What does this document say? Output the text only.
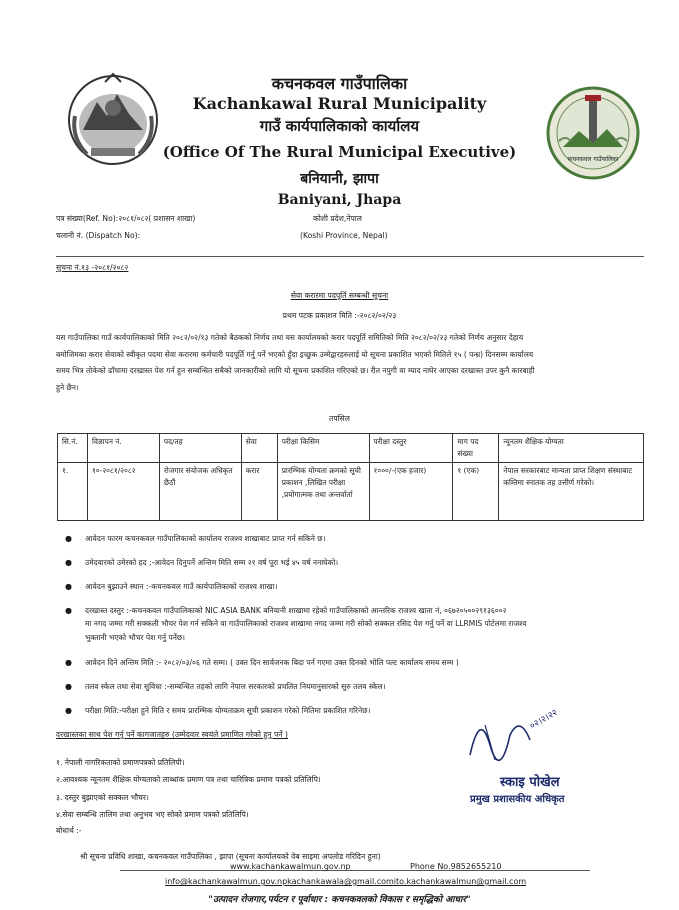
कचनकवल गाउँपालिका
कचनकवल गाउँपालिका
Kachankawal Rural Municipality
गाउँ कार्यपालिकाको कार्यालय
(Office Of The Rural Municipal Executive)
बनियानी, झापा
Baniyani, Jhapa
पत्र संख्या(Ref. No):२०८१/०८२( प्रशासन शाखा)
चलानी नं. (Dispatch No):
कोशी प्रदेश,नेपाल
(Koshi Province, Nepal)
सुचना नं.१३ -२०८१/२०८२
सेवा करारमा पदपूर्ति सम्बन्धी सूचना
प्रथम पटक प्रकाशन मिति :-२०८२/०२/२३
यस गाउँपालिका गाउँ कार्यपालिकाको मिति २०८२/०२/१३ गतेको बैठकको निर्णय तथा यस कार्यालयको करार पदपूर्ति समितिको मिति २०८२/०२/२३ गतेको निर्णय अनुसार देहाय
बमोजिमका करार सेवाको स्वीकृत पदमा सेवा करारमा कर्मचारी पदपूर्ति गर्नु पर्ने भएकाे हुँदा इच्छुक उम्मेद्वारहरुलाई यो सूचना प्रकाशित भएको मितिले १५ ( पन्ध्र) दिनसम्म कार्यालय
समय भित्र तोकेको ढाँचामा दरखास्त पेश गर्न हुन सम्बन्धित सबैको जानकारीको लागि यो सूचना प्रकाशित गरिएको छ। रीत नपुगी वा म्याद नाघेर आएका दरखास्त उपर कुनै कारबाही
हुने छैन।
तपसिल
सि.नं.	विज्ञापन नं.	पद/तह	सेवा	परीक्षा किसिम	परीक्षा दस्तुर	माग पद संख्या	न्यूनतम शैक्षिक योग्यता
१.	१०-२०८१/२०८२	रोजगार संयोजक अधिकृत छैठौं	करार	प्रारम्भिक योग्यता क्रमको सूची प्रकाशन ,लिखित परीक्षा ,प्रयोगात्मक तथा अन्तर्वार्ता	१०००/-(एक हजार)	१ (एक)	नेपाल सरकारबाट मान्यता प्राप्त शिक्षण संस्थाबाट कम्तिमा स्नातक तह उत्तीर्ण गरेको।
● आवेदन फारम कचनकवल गाउँपालिकाको कार्यालय राजश्व शाखाबाट प्राप्त गर्न सकिने छ।
● उमेदवारको उमेरको हद ;-आवेदन दिनुपर्ने अन्तिम मिति सम्म २१ वर्ष पूरा भई ४५ वर्ष ननाघेको।
● आवेदन बुझाउने स्थान :-कचनकवल गाउँ कार्यपालिकाको राजश्व शाखा।
● दरखास्त दस्तुर :-कचनकवल गाउँपालिकाको NIC ASIA BANK बनियानी शाखामा रहेको गाउँपालिकाको आन्तरिक राजश्व खाता नं, ०६७२०५००२९१३६००२
मा नगद जम्मा गरी सक्कली भौचर पेश गर्न सकिने वा गाउँपालिकाको राजश्व शाखामा नगद जम्मा गरी सोको सक्कल रसिद पेश गर्नु पर्ने वा LLRMIS पोर्टलमा राजश्व
भुक्तानी भएको भौचर पेश गर्नु पर्नेछ।
● आवेदन दिने अन्तिम मिति :- २०८२/०३/०६ गते सम्म। ( उक्त दिन सार्वजनक बिदा पर्न गएमा उक्त दिनको भोलि पल्ट कार्यालय समय सम्म )
● तलव स्केल तथा सेवा सुविधा :-सम्बन्धित तहको लागि नेपाल सरकारको प्रचलित नियमानुसारको सुरु तलव स्केल।
● परीक्षा मिति:-परीक्षा हुने मिति र समय प्रारम्भिक योग्यताक्रम सूची प्रकाशन गरेको मितिमा प्रकाशित गरिनेछ।
दरखास्तका साथ पेश गर्नु पर्ने कागजातहरु (उम्मेदवार स्वयंले प्रमाणित गरेको हुनु पर्ने )
१. नेपाली नागरिकताको प्रमाणपत्रको प्रतिलिपी।
२.आवश्यक न्यूनतम शैक्षिक योग्यताको लाब्धांक प्रमाण पत्र तथा चारित्रिक प्रमाण पत्रको प्रतिलिपि।
३. दस्तुर बुझाएको सक्कल भौचर।
४.सेवा सम्बन्धि तालिम तथा अनुभव भए सोको प्रमाण पत्रको प्रतिलिपि।
बोधार्थ :-
श्री सूचना प्रविधि शाखा, कचनकवल गाउँपालिका , झापा (सूचना कार्यालयको वेब साइमा अपलोड गरिदिन हुना)
०२।२।२२
स्काइ पोखेल
प्रमुख प्रशासकीय अधिकृत
www.kachankawalmun.gov.np	Phone No.9852655210
info@kachankawalmun.gov.npkachankawala@gmail.comito.kachankawalmun@gmail.com
"उत्पादन रोजगार,पर्यटन र पूर्वाधार : कचनकवलको विकास र समृद्धिको आधार"
